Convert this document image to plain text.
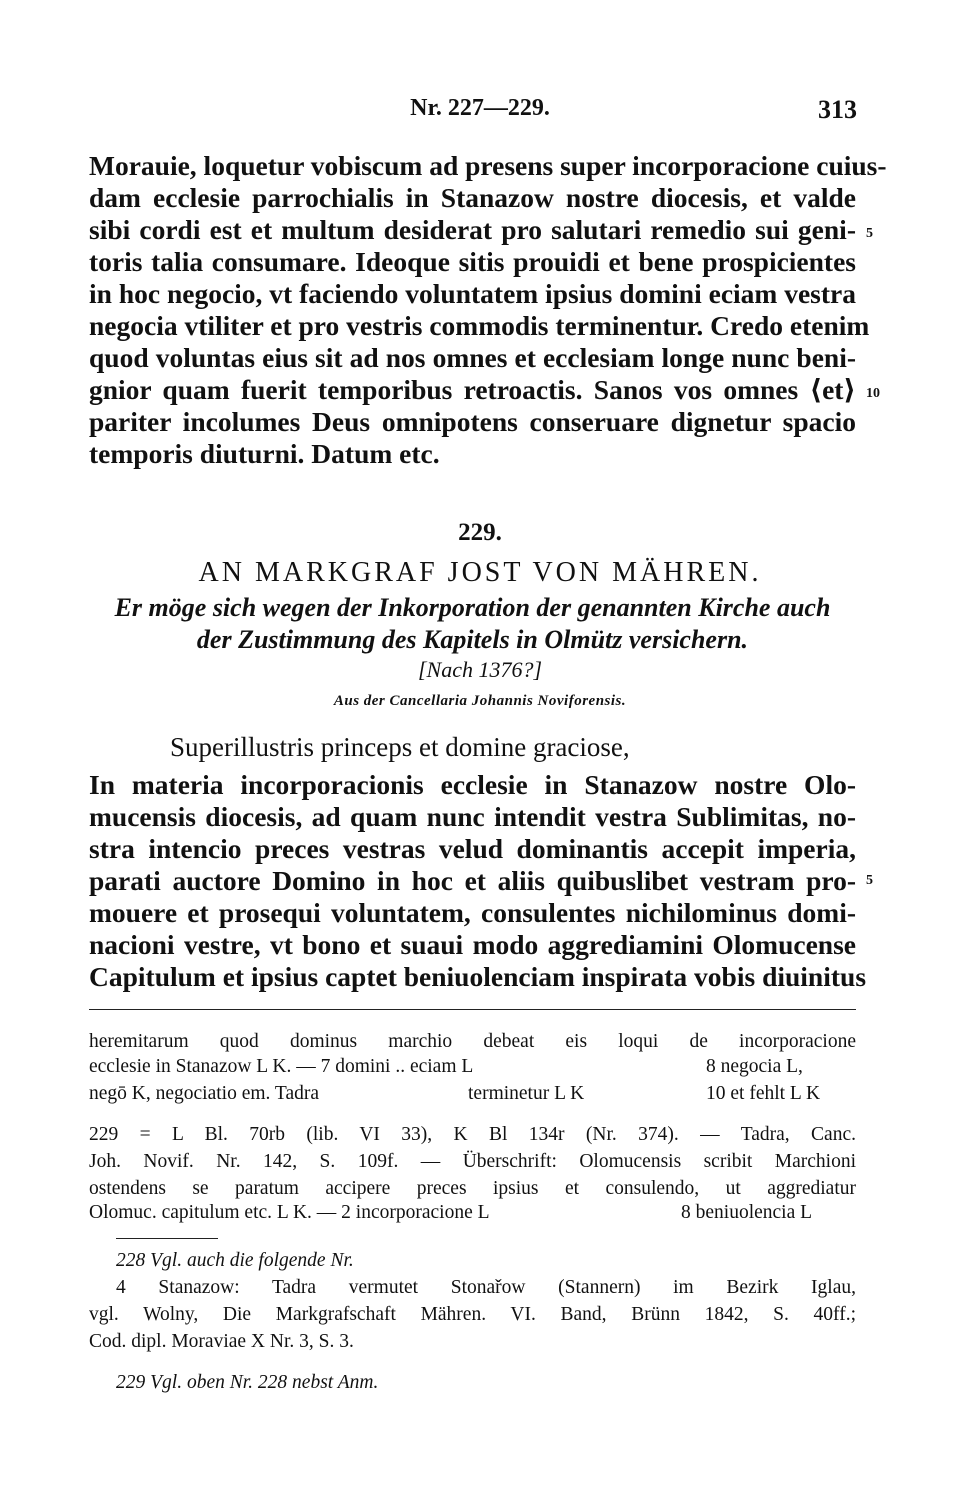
Nr. 227—229.	313
Morauie, loquetur vobiscum ad presens super incorporacione cuius-
dam ecclesie parrochialis in Stanazow nostre diocesis, et valde
sibi cordi est et multum desiderat pro salutari remedio sui geni-
toris talia consumare. Ideoque sitis prouidi et bene prospicientes
in hoc negocio, vt faciendo voluntatem ipsius domini eciam vestra
negocia vtiliter et pro vestris commodis terminentur. Credo etenim
quod voluntas eius sit ad nos omnes et ecclesiam longe nunc beni-
gnior quam fuerit temporibus retroactis. Sanos vos omnes ⟨et⟩
pariter incolumes Deus omnipotens conseruare dignetur spacio
temporis diuturni. Datum etc.
5
10
229.
AN MARKGRAF JOST VON MÄHREN.
Er möge sich wegen der Inkorporation der genannten Kirche auch
der Zustimmung des Kapitels in Olmütz versichern.
[Nach 1376?]
Aus der Cancellaria Johannis Noviforensis.
Superillustris princeps et domine graciose,
In materia incorporacionis ecclesie in Stanazow nostre Olo-
mucensis diocesis, ad quam nunc intendit vestra Sublimitas, no-
stra intencio preces vestras velud dominantis accepit imperia,
parati auctore Domino in hoc et aliis quibuslibet vestram pro-
mouere et prosequi voluntatem, consulentes nichilominus domi-
nacioni vestre, vt bono et suaui modo aggrediamini Olomucense
Capitulum et ipsius captet beniuolenciam inspirata vobis diuinitus
5
heremitarum quod dominus marchio debeat eis loqui de incorporacione
ecclesie in Stanazow L K. — 7 domini .. eciam L	8 negocia L,
negō K, negociatio em. Tadra	terminetur L K	10 et fehlt L K
229 = L Bl. 70rb (lib. VI 33), K Bl 134r (Nr. 374). — Tadra, Canc.
Joh. Novif. Nr. 142, S. 109f. — Überschrift: Olomucensis scribit Marchioni
ostendens se paratum accipere preces ipsius et consulendo, ut aggrediatur
Olomuc. capitulum etc. L K. — 2 incorporacione L	8 beniuolencia L
228 Vgl. auch die folgende Nr.
4 Stanazow: Tadra vermutet Stonařow (Stannern) im Bezirk Iglau,
vgl. Wolny, Die Markgrafschaft Mähren. VI. Band, Brünn 1842, S. 40ff.;
Cod. dipl. Moraviae X Nr. 3, S. 3.
229 Vgl. oben Nr. 228 nebst Anm.
